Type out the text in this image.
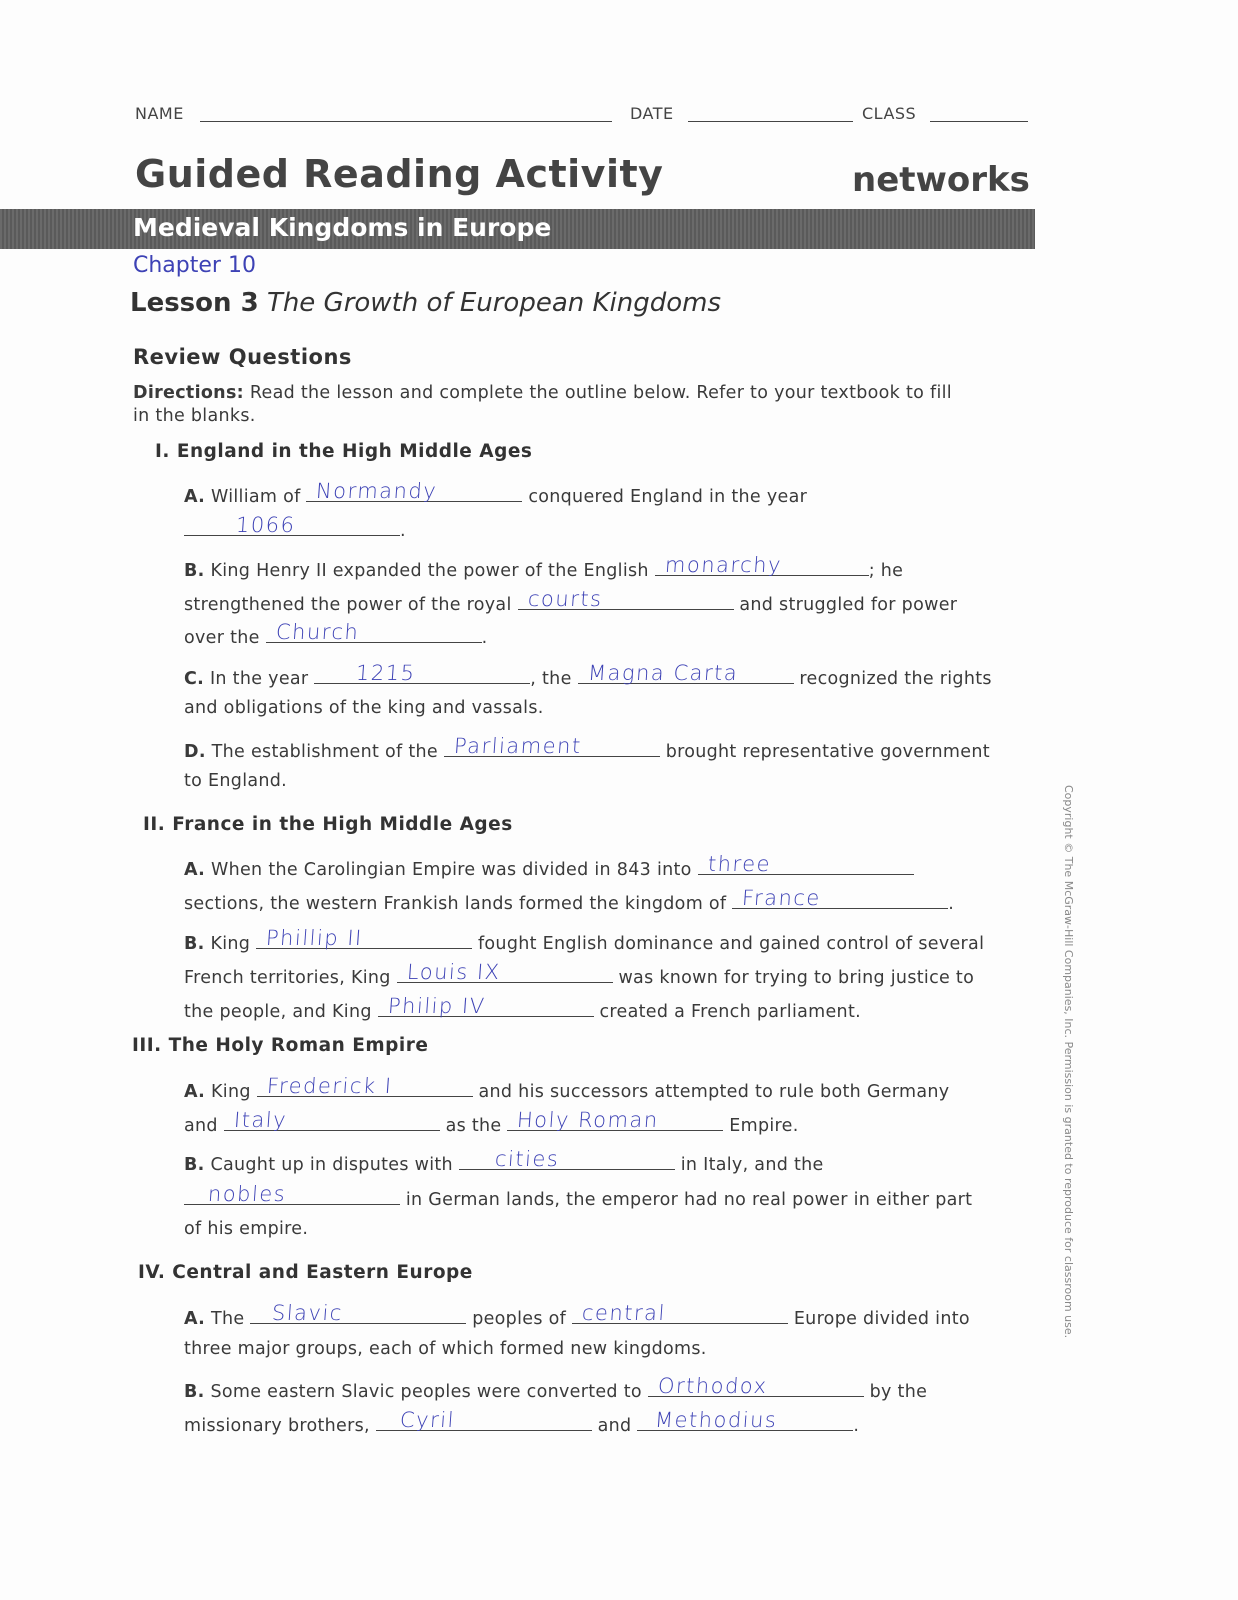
NAME	DATE	CLASS
Guided Reading Activity	networks
Medieval Kingdoms in Europe
Chapter 10
Lesson 3 The Growth of European Kingdoms
Review Questions
Directions: Read the lesson and complete the outline below. Refer to your textbook to fill
in the blanks.
I. England in the High Middle Ages
A. William of Normandy	conquered England in the year
1066	.
B. King Henry II expanded the power of the English monarchy	; he
strengthened the power of the royal courts	and struggled for power
over the Church	.
C. In the year 1215	, the Magna Carta	recognized the rights
and obligations of the king and vassals.
D. The establishment of the Parliament	brought representative government
to England.
II. France in the High Middle Ages
A. When the Carolingian Empire was divided in 843 into three
sections, the western Frankish lands formed the kingdom of France	.
B. King Phillip II	fought English dominance and gained control of several
French territories, King Louis IX	was known for trying to bring justice to
the people, and King Philip IV	created a French parliament.
III. The Holy Roman Empire
A. King Frederick I	and his successors attempted to rule both Germany
and Italy	as the Holy Roman	Empire.
B. Caught up in disputes with cities	in Italy, and the
nobles	in German lands, the emperor had no real power in either part
of his empire.
IV. Central and Eastern Europe
A. The Slavic	peoples of central	Europe divided into
three major groups, each of which formed new kingdoms.
B. Some eastern Slavic peoples were converted to Orthodox	by the
missionary brothers, Cyril	and Methodius	.
Copyright © The McGraw-Hill Companies, Inc. Permission is granted to reproduce for classroom use.
